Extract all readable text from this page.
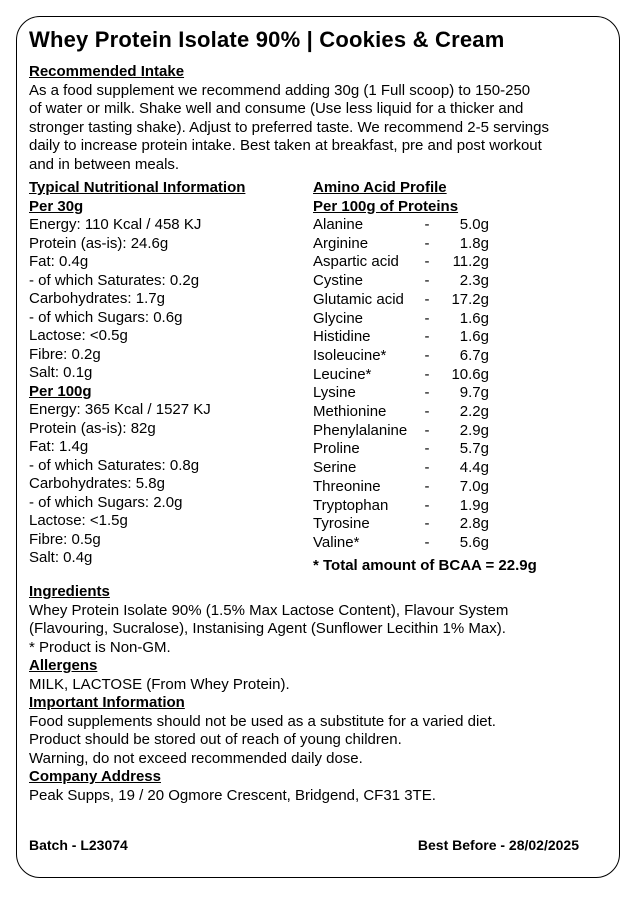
Whey Protein Isolate 90% | Cookies & Cream
Recommended Intake
As a food supplement we recommend adding 30g (1 Full scoop) to 150-250
of water or milk. Shake well and consume (Use less liquid for a thicker and
stronger tasting shake). Adjust to preferred taste. We recommend 2-5 servings
daily to increase protein intake. Best taken at breakfast, pre and post workout
and in between meals.
Typical Nutritional Information
Per 30g
Energy: 110 Kcal / 458 KJ
Protein (as-is): 24.6g
Fat: 0.4g
- of which Saturates: 0.2g
Carbohydrates: 1.7g
- of which Sugars: 0.6g
Lactose: <0.5g
Fibre: 0.2g
Salt: 0.1g
Per 100g
Energy: 365 Kcal / 1527 KJ
Protein (as-is): 82g
Fat: 1.4g
- of which Saturates: 0.8g
Carbohydrates: 5.8g
- of which Sugars: 2.0g
Lactose: <1.5g
Fibre: 0.5g
Salt: 0.4g
Amino Acid Profile
Per 100g of Proteins
Alanine	-	5.0g
Arginine	-	1.8g
Aspartic acid	-	11.2g
Cystine	-	2.3g
Glutamic acid	-	17.2g
Glycine	-	1.6g
Histidine	-	1.6g
Isoleucine*	-	6.7g
Leucine*	-	10.6g
Lysine	-	9.7g
Methionine	-	2.2g
Phenylalanine	-	2.9g
Proline	-	5.7g
Serine	-	4.4g
Threonine	-	7.0g
Tryptophan	-	1.9g
Tyrosine	-	2.8g
Valine*	-	5.6g
* Total amount of BCAA = 22.9g
Ingredients
Whey Protein Isolate 90% (1.5% Max Lactose Content), Flavour System
(Flavouring, Sucralose), Instanising Agent (Sunflower Lecithin 1% Max).
* Product is Non-GM.
Allergens
MILK, LACTOSE (From Whey Protein).
Important Information
Food supplements should not be used as a substitute for a varied diet.
Product should be stored out of reach of young children.
Warning, do not exceed recommended daily dose.
Company Address
Peak Supps, 19 / 20 Ogmore Crescent, Bridgend, CF31 3TE.
Batch - L23074	Best Before - 28/02/2025
